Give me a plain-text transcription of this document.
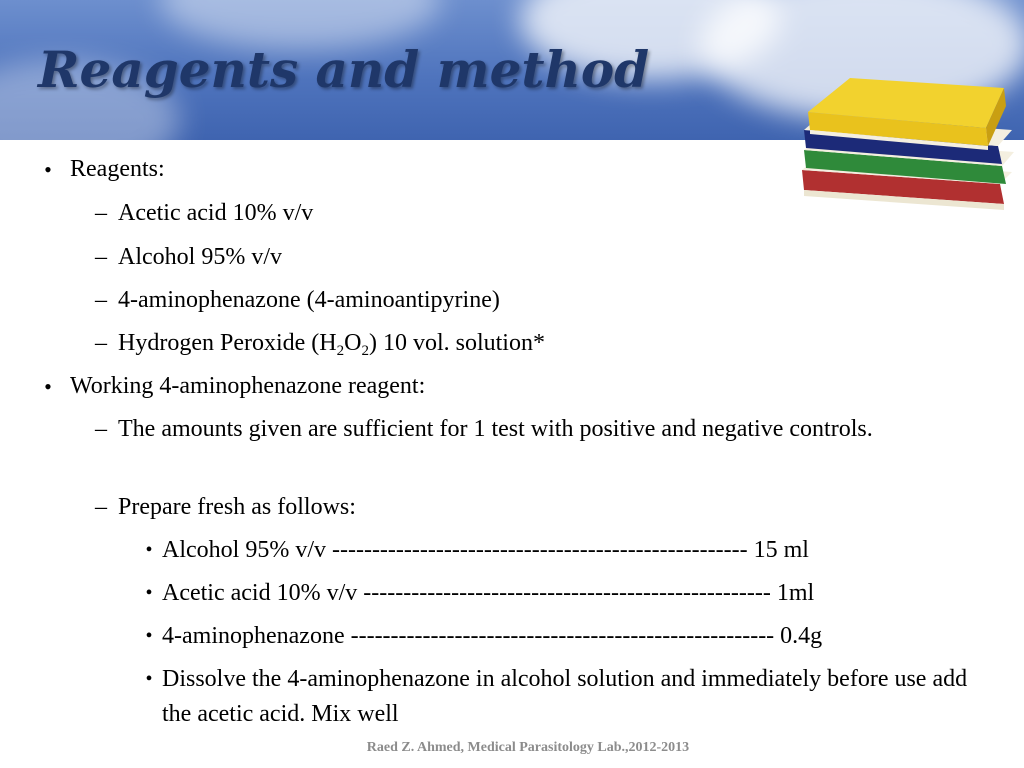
Reagents and method
• Reagents:
– Acetic acid 10% v/v
– Alcohol 95% v/v
– 4-aminophenazone (4-aminoantipyrine)
– Hydrogen Peroxide $(H_2O_2)$ 10 vol. solution*
• Working 4-aminophenazone reagent:
– The amounts given are sufficient for 1 test with positive and negative controls.
– Prepare fresh as follows:
• Alcohol 95% v/v ---------------------------------------------------- 15 ml
• Acetic acid 10% v/v --------------------------------------------------- 1ml
• 4-aminophenazone ----------------------------------------------------- 0.4g
• Dissolve the 4-aminophenazone in alcohol solution and immediately before use add the acetic acid. Mix well
Raed Z. Ahmed, Medical Parasitology Lab.,2012-2013
